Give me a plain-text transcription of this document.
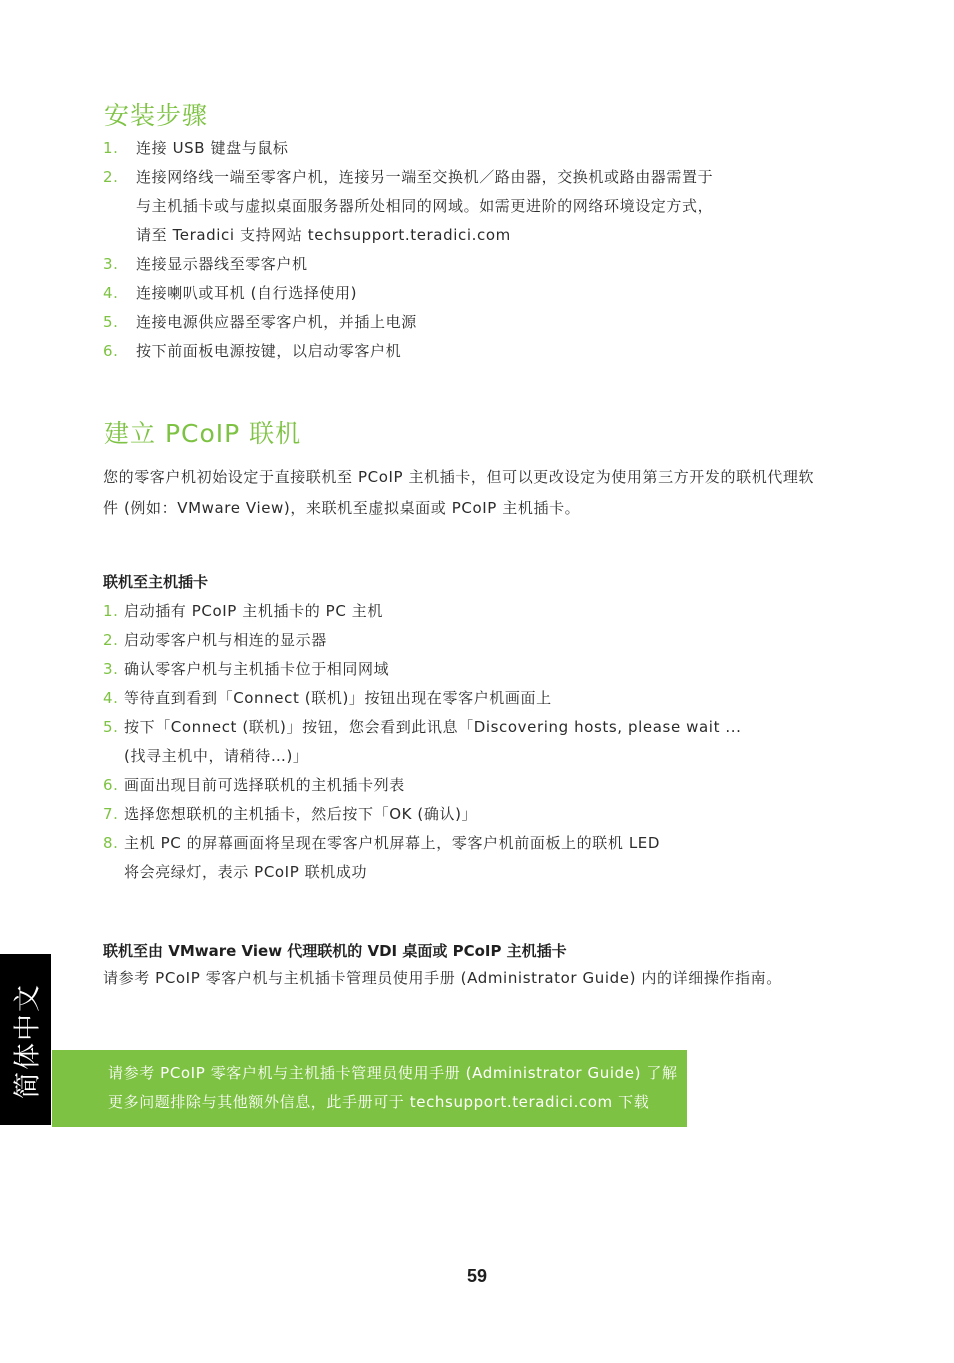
安装步骤
1. 连接 USB 键盘与鼠标
2. 连接网络线一端至零客户机，连接另一端至交换机／路由器，交换机或路由器需置于
与主机插卡或与虚拟桌面服务器所处相同的网域。如需更进阶的网络环境设定方式，
请至 Teradici 支持网站 techsupport.teradici.com
3. 连接显示器线至零客户机
4. 连接喇叭或耳机 (自行选择使用)
5. 连接电源供应器至零客户机，并插上电源
6. 按下前面板电源按键，以启动零客户机
建立 PCoIP 联机
您的零客户机初始设定于直接联机至 PCoIP 主机插卡，但可以更改设定为使用第三方开发的联机代理软
件 (例如：VMware View)，来联机至虚拟桌面或 PCoIP 主机插卡。
联机至主机插卡
1. 启动插有 PCoIP 主机插卡的 PC 主机
2. 启动零客户机与相连的显示器
3. 确认零客户机与主机插卡位于相同网域
4. 等待直到看到「Connect (联机)」按钮出现在零客户机画面上
5. 按下「Connect (联机)」按钮，您会看到此讯息「Discovering hosts, please wait ...
(找寻主机中，请稍待…)」
6. 画面出现目前可选择联机的主机插卡列表
7. 选择您想联机的主机插卡，然后按下「OK (确认)」
8. 主机 PC 的屏幕画面将呈现在零客户机屏幕上，零客户机前面板上的联机 LED
将会亮绿灯，表示 PCoIP 联机成功
联机至由 VMware View 代理联机的 VDI 桌面或 PCoIP 主机插卡

请参考 PCoIP 零客户机与主机插卡管理员使用手册 (Administrator Guide) 内的详细操作指南。

简体中文	请参考 PCoIP 零客户机与主机插卡管理员使用手册 (Administrator Guide) 了解
更多问题排除与其他额外信息，此手册可于 techsupport.teradici.com 下载
59
